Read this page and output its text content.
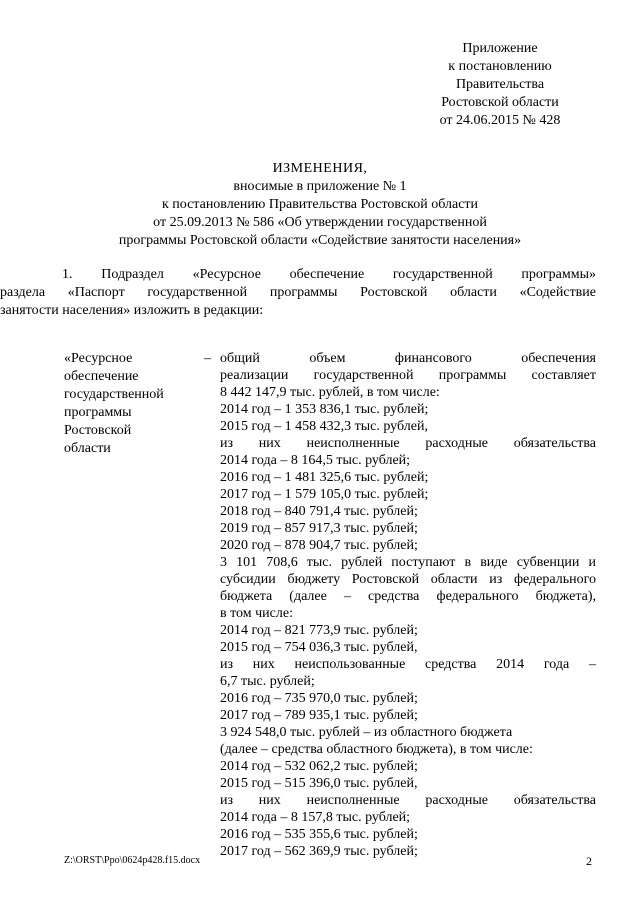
Приложение
к постановлению
Правительства
Ростовской области
от 24.06.2015 № 428
ИЗМЕНЕНИЯ,
вносимые в приложение № 1
к постановлению Правительства Ростовской области
от 25.09.2013 № 586 «Об утверждении государственной
программы Ростовской области «Содействие занятости населения»
1. Подраздел «Ресурсное обеспечение государственной программы»
раздела «Паспорт государственной программы Ростовской области «Содействие
занятости населения» изложить в редакции:
«Ресурсное
обеспечение
государственной
программы
Ростовской
области
– общий объем финансового обеспечения
реализации государственной программы составляет
8 442 147,9 тыс. рублей, в том числе:
2014 год – 1 353 836,1 тыс. рублей;
2015 год – 1 458 432,3 тыс. рублей,
из них неисполненные расходные обязательства
2014 года – 8 164,5 тыс. рублей;
2016 год – 1 481 325,6 тыс. рублей;
2017 год – 1 579 105,0 тыс. рублей;
2018 год – 840 791,4 тыс. рублей;
2019 год – 857 917,3 тыс. рублей;
2020 год – 878 904,7 тыс. рублей;
3 101 708,6 тыс. рублей поступают в виде субвенции и
субсидии бюджету Ростовской области из федерального
бюджета (далее – средства федерального бюджета),
в том числе:
2014 год – 821 773,9 тыс. рублей;
2015 год – 754 036,3 тыс. рублей,
из них неиспользованные средства 2014 года –
6,7 тыс. рублей;
2016 год – 735 970,0 тыс. рублей;
2017 год – 789 935,1 тыс. рублей;
3 924 548,0 тыс. рублей – из областного бюджета
(далее – средства областного бюджета), в том числе:
2014 год – 532 062,2 тыс. рублей;
2015 год – 515 396,0 тыс. рублей,
из них неисполненные расходные обязательства
2014 года – 8 157,8 тыс. рублей;
2016 год – 535 355,6 тыс. рублей;
2017 год – 562 369,9 тыс. рублей;
Z:\ORST\Ppo\0624p428.f15.docx	2
